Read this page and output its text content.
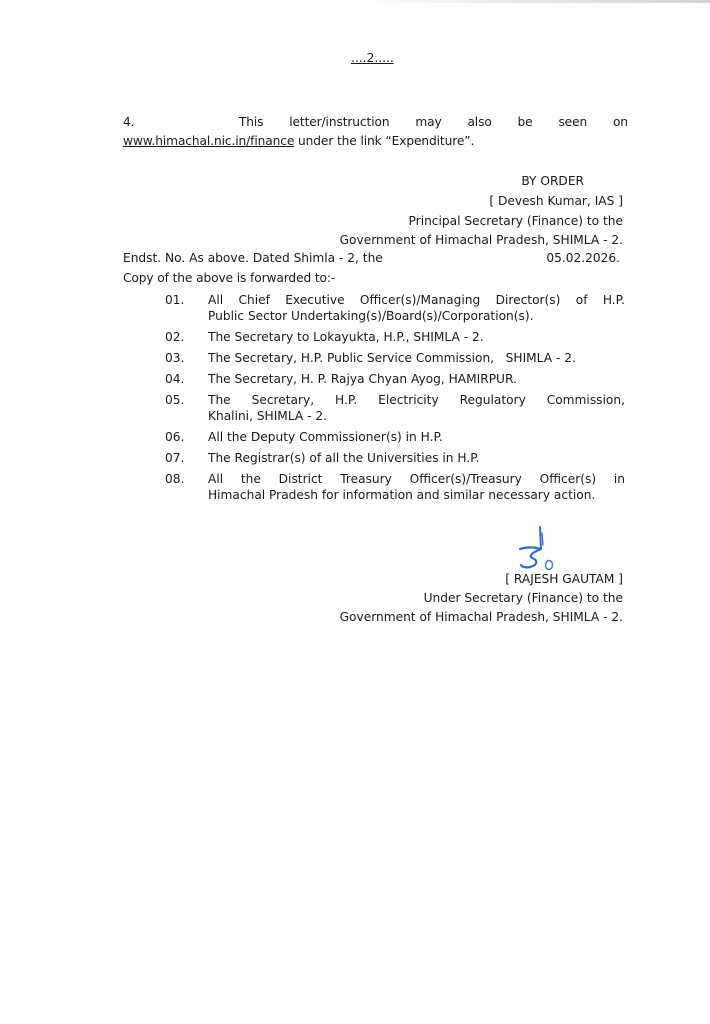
....2.....
4.	This letter/instruction may also be seen on
www.himachal.nic.in/finance under the link “Expenditure”.
BY ORDER
[ Devesh Kumar, IAS ]
Principal Secretary (Finance) to the
Government of Himachal Pradesh, SHIMLA - 2.
Endst. No. As above. Dated Shimla - 2, the	05.02.2026.
Copy of the above is forwarded to:-
01.	All Chief Executive Officer(s)/Managing Director(s) of H.P.
Public Sector Undertaking(s)/Board(s)/Corporation(s).
02.	The Secretary to Lokayukta, H.P., SHIMLA - 2.
03.	The Secretary, H.P. Public Service Commission,   SHIMLA - 2.
04.	The Secretary, H. P. Rajya Chyan Ayog, HAMIRPUR.
05.	The Secretary, H.P. Electricity Regulatory Commission,
Khalini, SHIMLA - 2.
06.	All the Deputy Commissioner(s) in H.P.
07.	The Registrar(s) of all the Universities in H.P.
08.	All the District Treasury Officer(s)/Treasury Officer(s) in
Himachal Pradesh for information and similar necessary action.
[ RAJESH GAUTAM ]
Under Secretary (Finance) to the
Government of Himachal Pradesh, SHIMLA - 2.
